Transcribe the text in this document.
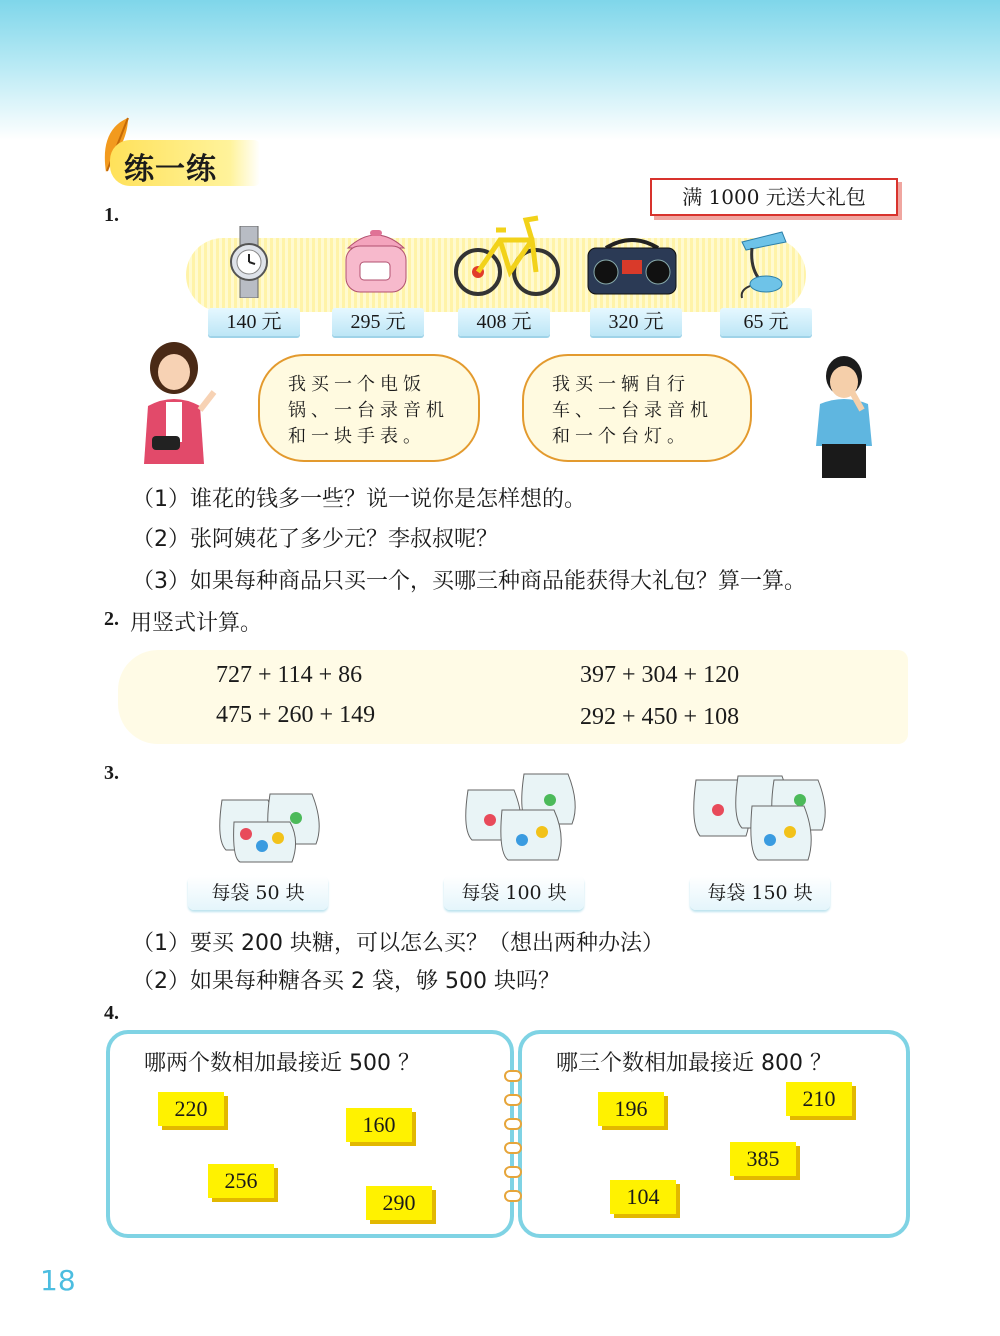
练一练
1.
满 1000 元送大礼包
140 元	295 元	408 元	320 元	65 元
我买一个电饭
锅、一台录音机
和一块手表。
我买一辆自行
车、一台录音机
和一个台灯。
（1）谁花的钱多一些？说一说你是怎样想的。
（2）张阿姨花了多少元？李叔叔呢？
（3）如果每种商品只买一个，买哪三种商品能获得大礼包？算一算。
2. 用竖式计算。
727 + 114 + 86	397 + 304 + 120
475 + 260 + 149	292 + 450 + 108
3.
每袋 50 块	每袋 100 块	每袋 150 块
（1）要买 200 块糖，可以怎么买？（想出两种办法）
（2）如果每种糖各买 2 袋，够 500 块吗？
4.
哪两个数相加最接近 500 ？	哪三个数相加最接近 800 ？
220
160
256
290
196	210
385
104
18
